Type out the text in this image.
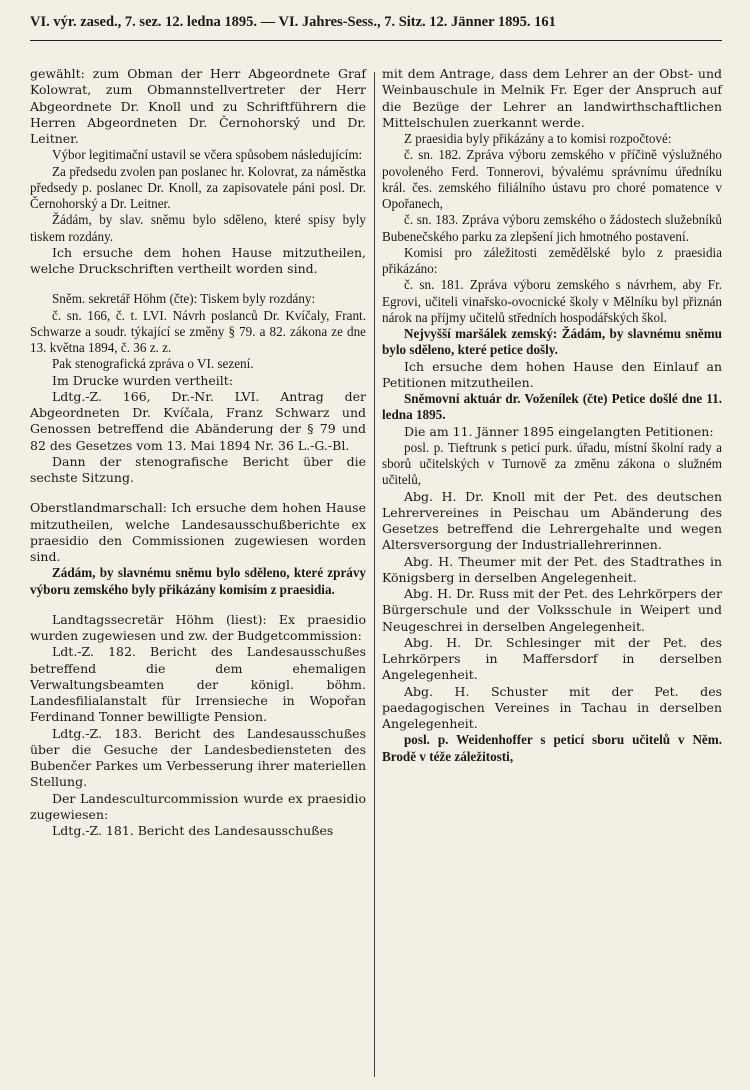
VI. výr. zased., 7. sez. 12. ledna 1895. — VI. Jahres-Sess., 7. Sitz. 12. Jänner 1895. 161

gewählt: zum Obman der Herr Abgeordnete Graf Kolowrat, zum Obmannstellvertreter der Herr Abgeordnete Dr. Knoll und zu Schriftführern die Herren Abgeordneten Dr. Černohorský und Dr. Leitner.

Výbor legitimační ustavil se včera spůsobem následujícím:

Za předsedu zvolen pan poslanec hr. Kolovrat, za náměstka předsedy p. poslanec Dr. Knoll, za zapisovatele páni posl. Dr. Černohorský a Dr. Leitner.

Žádám, by slav. sněmu bylo sděleno, které spisy byly tiskem rozdány.

Ich ersuche dem hohen Hause mitzutheilen, welche Druckschriften vertheilt worden sind.

Sněm. sekretář Höhm (čte): Tiskem byly rozdány:

č. sn. 166, č. t. LVI. Návrh poslanců Dr. Kvíčaly, Frant. Schwarze a soudr. týkající se změny § 79. a 82. zákona ze dne 13. května 1894, č. 36 z. z.

Pak stenografická zpráva o VI. sezení.

Im Drucke wurden vertheilt:

Ldtg.-Z. 166, Dr.-Nr. LVI. Antrag der Abgeordneten Dr. Kvíčala, Franz Schwarz und Genossen betreffend die Abänderung der § 79 und 82 des Gesetzes vom 13. Mai 1894 Nr. 36 L.-G.-Bl.

Dann der stenografische Bericht über die sechste Sitzung.

Oberstlandmarschall: Ich ersuche dem hohen Hause mitzutheilen, welche Landesausschußberichte ex praesidio den Commissionen zugewiesen worden sind.

Zádám, by slavnému sněmu bylo sděleno, které zprávy výboru zemského byly přikázány komisím z praesidia.

Landtagssecretär Höhm (liest): Ex praesidio wurden zugewiesen und zw. der Budgetcommission:

Ldt.-Z. 182. Bericht des Landesausschußes betreffend die dem ehemaligen Verwaltungsbeamten der königl. böhm. Landesfilialanstalt für Irrensieche in Wopořan Ferdinand Tonner bewilligte Pension.

Ldtg.-Z. 183. Bericht des Landesausschußes über die Gesuche der Landesbediensteten des Bubenčer Parkes um Verbesserung ihrer materiellen Stellung.

Der Landesculturcommission wurde ex praesidio zugewiesen:

Ldtg.-Z. 181. Bericht des Landesausschußes

mit dem Antrage, dass dem Lehrer an der Obst- und Weinbauschule in Melnik Fr. Eger der Anspruch auf die Bezüge der Lehrer an landwirthschaftlichen Mittelschulen zuerkannt werde.

Z praesidia byly přikázány a to komisi rozpočtové:

č. sn. 182. Zpráva výboru zemského v příčině výslužného povoleného Ferd. Tonnerovi, bývalému správnímu úředníku král. čes. zemského filiálního ústavu pro choré pomatence v Opořanech,

č. sn. 183. Zpráva výboru zemského o žádostech služebníků Bubenečského parku za zlepšení jich hmotného postavení.

Komisi pro záležitosti zemědělské bylo z praesidia přikázáno:

č. sn. 181. Zpráva výboru zemského s návrhem, aby Fr. Egrovi, učiteli vinařsko-ovocnické školy v Mělníku byl přiznán nárok na příjmy učitelů středních hospodářských škol.

Nejvyšší maršálek zemský: Žádám, by slavnému sněmu bylo sděleno, které petice došly.

Ich ersuche dem hohen Hause den Einlauf an Petitionen mitzutheilen.

Sněmovní aktuár dr. Voženílek (čte) Petice došlé dne 11. ledna 1895.

Die am 11. Jänner 1895 eingelangten Petitionen:

posl. p. Tieftrunk s peticí purk. úřadu, místní školní rady a sborů učitelských v Turnově za změnu zákona o služném učitelů,

Abg. H. Dr. Knoll mit der Pet. des deutschen Lehrervereines in Peischau um Abänderung des Gesetzes betreffend die Lehrergehalte und wegen Altersversorgung der Industriallehrerinnen.

Abg. H. Theumer mit der Pet. des Stadtrathes in Königsberg in derselben Angelegenheit.

Abg. H. Dr. Russ mit der Pet. des Lehrkörpers der Bürgerschule und der Volksschule in Weipert und Neugeschrei in derselben Angelegenheit.

Abg. H. Dr. Schlesinger mit der Pet. des Lehrkörpers in Maffersdorf in derselben Angelegenheit.

Abg. H. Schuster mit der Pet. des paedagogischen Vereines in Tachau in derselben Angelegenheit.

posl. p. Weidenhoffer s peticí sboru učitelů v Něm. Brodě v téže záležitosti,
